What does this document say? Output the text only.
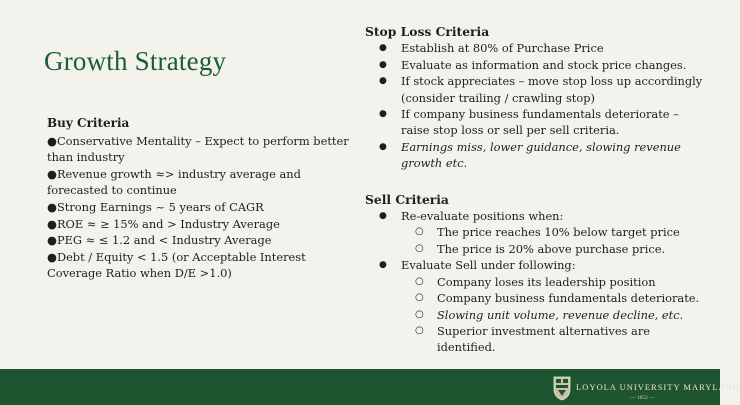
Growth Strategy
Buy Criteria

●Conservative Mentality – Expect to perform better than industry

●Revenue growth ≈> industry average and forecasted to continue

●Strong Earnings ~ 5 years of CAGR

●ROE ≈ ≥ 15% and > Industry Average

●PEG ≈ ≤ 1.2 and < Industry Average

●Debt / Equity < 1.5 (or Acceptable Interest Coverage Ratio when D/E >1.0)

Stop Loss Criteria
● Establish at 80% of Purchase Price
● Evaluate as information and stock price changes.
● If stock appreciates – move stop loss up accordingly (consider trailing / crawling stop)
● If company business fundamentals deteriorate – raise stop loss or sell per sell criteria.
● Earnings miss, lower guidance, slowing revenue growth etc.
Sell Criteria
● Re-evaluate positions when:
○ The price reaches 10% below target price
○ The price is 20% above purchase price.
● Evaluate Sell under following:
○ Company loses its leadership position
○ Company business fundamentals deteriorate.
○ Slowing unit volume, revenue decline, etc.
○ Superior investment alternatives are identified.
LOYOLA UNIVERSITY MARYLAND
— 1852 —
